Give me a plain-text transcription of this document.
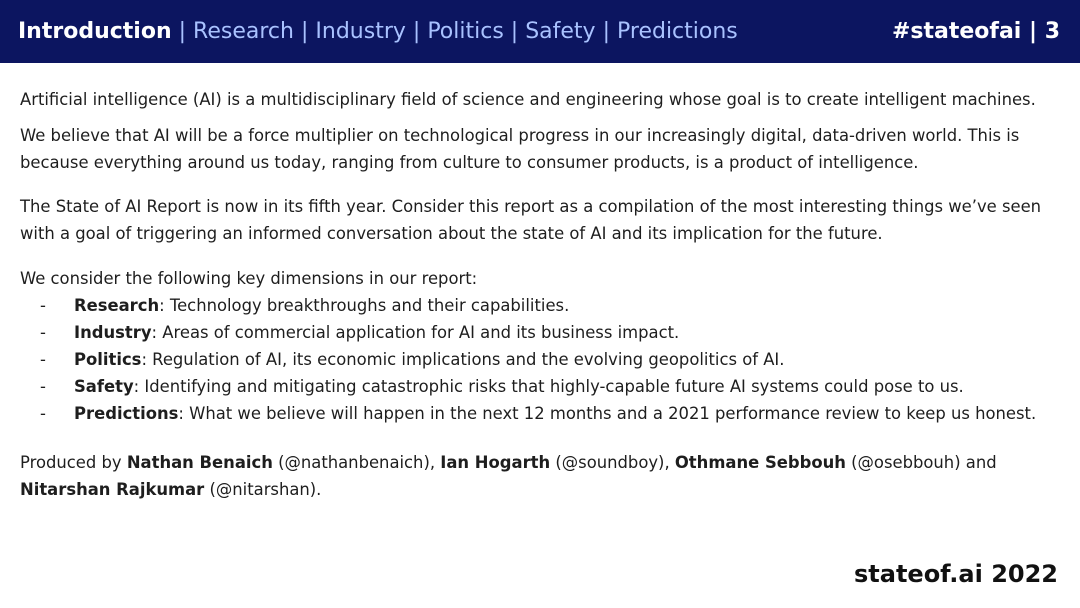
Introduction | Research | Industry | Politics | Safety | Predictions	#stateofai | 3

Artificial intelligence (AI) is a multidisciplinary field of science and engineering whose goal is to create intelligent machines.

We believe that AI will be a force multiplier on technological progress in our increasingly digital, data-driven world. This is because everything around us today, ranging from culture to consumer products, is a product of intelligence.

The State of AI Report is now in its fifth year. Consider this report as a compilation of the most interesting things we’ve seen with a goal of triggering an informed conversation about the state of AI and its implication for the future.

We consider the following key dimensions in our report:

-	Research: Technology breakthroughs and their capabilities.
-	Industry: Areas of commercial application for AI and its business impact.
-	Politics: Regulation of AI, its economic implications and the evolving geopolitics of AI.
-	Safety: Identifying and mitigating catastrophic risks that highly-capable future AI systems could pose to us.
-	Predictions: What we believe will happen in the next 12 months and a 2021 performance review to keep us honest.

Produced by Nathan Benaich (@nathanbenaich), Ian Hogarth (@soundboy), Othmane Sebbouh (@osebbouh) and Nitarshan Rajkumar (@nitarshan).

stateof.ai 2022
